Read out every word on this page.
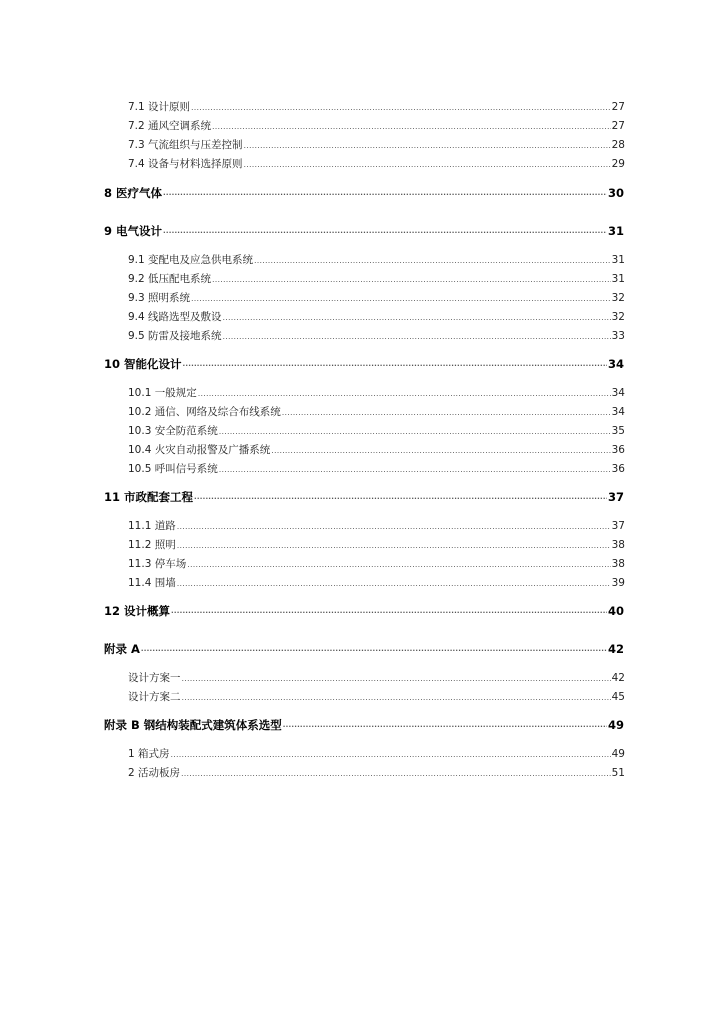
7.1 设计原则 .....	27
7.2 通风空调系统 .....	27
7.3 气流组织与压差控制 .....	28
7.4 设备与材料选择原则 .....	29
8 医疗气体 ·····	30
9 电气设计 ·····	31
9.1 变配电及应急供电系统 .....	31
9.2 低压配电系统 .....	31
9.3 照明系统 .....	32
9.4 线路选型及敷设 .....	32
9.5 防雷及接地系统 .....	33
10 智能化设计 ·····	34
10.1 一般规定 .....	34
10.2 通信、网络及综合布线系统 .....	34
10.3 安全防范系统 .....	35
10.4 火灾自动报警及广播系统 .....	36
10.5 呼叫信号系统 .....	36
11 市政配套工程 ·····	37
11.1 道路 .....	37
11.2 照明 .....	38
11.3 停车场 .....	38
11.4 围墙 .....	39
12 设计概算 ·····	40
附录 A ·····	42
设计方案一 .....	42
设计方案二 .....	45
附录 B 钢结构装配式建筑体系选型 ·····	49
1 箱式房 .....	49
2 活动板房 .....	51
